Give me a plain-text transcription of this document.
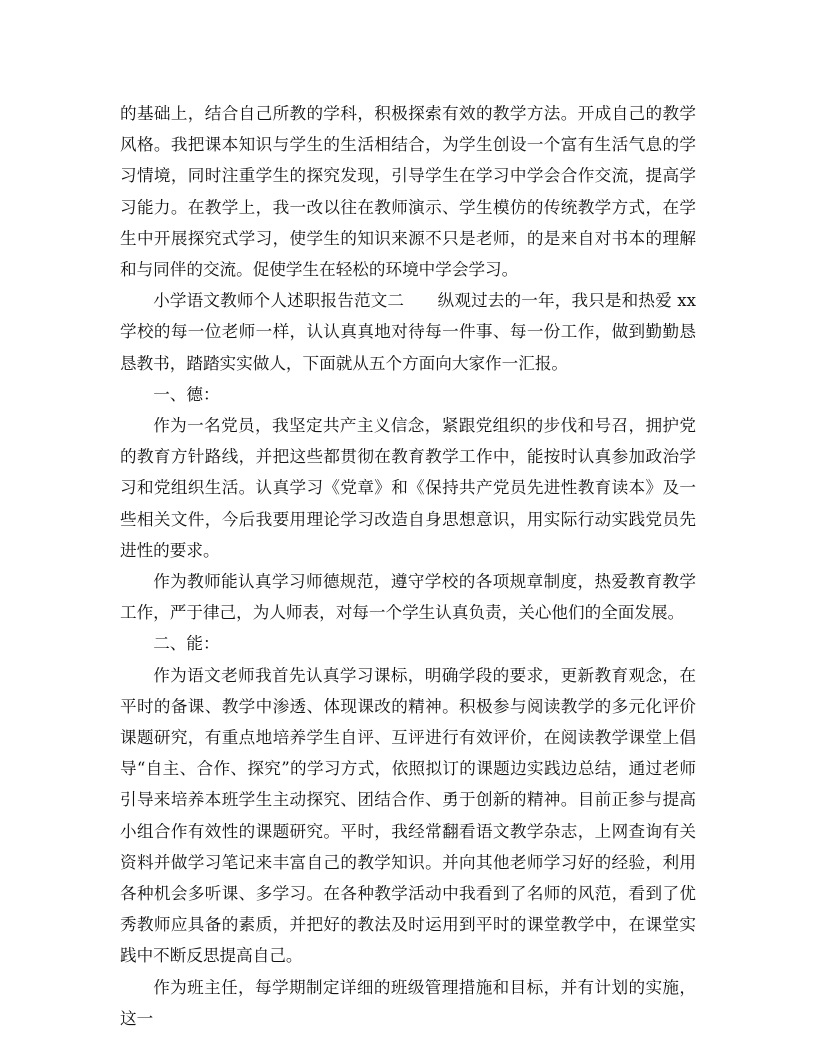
的基础上，结合自己所教的学科，积极探索有效的教学方法。开成自己的教学风格。我把课本知识与学生的生活相结合，为学生创设一个富有生活气息的学习情境，同时注重学生的探究发现，引导学生在学习中学会合作交流，提高学习能力。在教学上，我一改以往在教师演示、学生模仿的传统教学方式，在学生中开展探究式学习，使学生的知识来源不只是老师，的是来自对书本的理解和与同伴的交流。促使学生在轻松的环境中学会学习。

小学语文教师个人述职报告范文二　　纵观过去的一年，我只是和热爱 xx 学校的每一位老师一样，认认真真地对待每一件事、每一份工作，做到勤勤恳恳教书，踏踏实实做人，下面就从五个方面向大家作一汇报。

一、德：

作为一名党员，我坚定共产主义信念，紧跟党组织的步伐和号召，拥护党的教育方针路线，并把这些都贯彻在教育教学工作中，能按时认真参加政治学习和党组织生活。认真学习《党章》和《保持共产党员先进性教育读本》及一些相关文件，今后我要用理论学习改造自身思想意识，用实际行动实践党员先进性的要求。

作为教师能认真学习师德规范，遵守学校的各项规章制度，热爱教育教学工作，严于律己，为人师表，对每一个学生认真负责，关心他们的全面发展。

二、能：

作为语文老师我首先认真学习课标，明确学段的要求，更新教育观念，在平时的备课、教学中渗透、体现课改的精神。积极参与阅读教学的多元化评价课题研究，有重点地培养学生自评、互评进行有效评价，在阅读教学课堂上倡导“自主、合作、探究”的学习方式，依照拟订的课题边实践边总结，通过老师引导来培养本班学生主动探究、团结合作、勇于创新的精神。目前正参与提高小组合作有效性的课题研究。平时，我经常翻看语文教学杂志，上网查询有关资料并做学习笔记来丰富自己的教学知识。并向其他老师学习好的经验，利用各种机会多听课、多学习。在各种教学活动中我看到了名师的风范，看到了优秀教师应具备的素质，并把好的教法及时运用到平时的课堂教学中，在课堂实践中不断反思提高自己。

作为班主任，每学期制定详细的班级管理措施和目标，并有计划的实施，这一
